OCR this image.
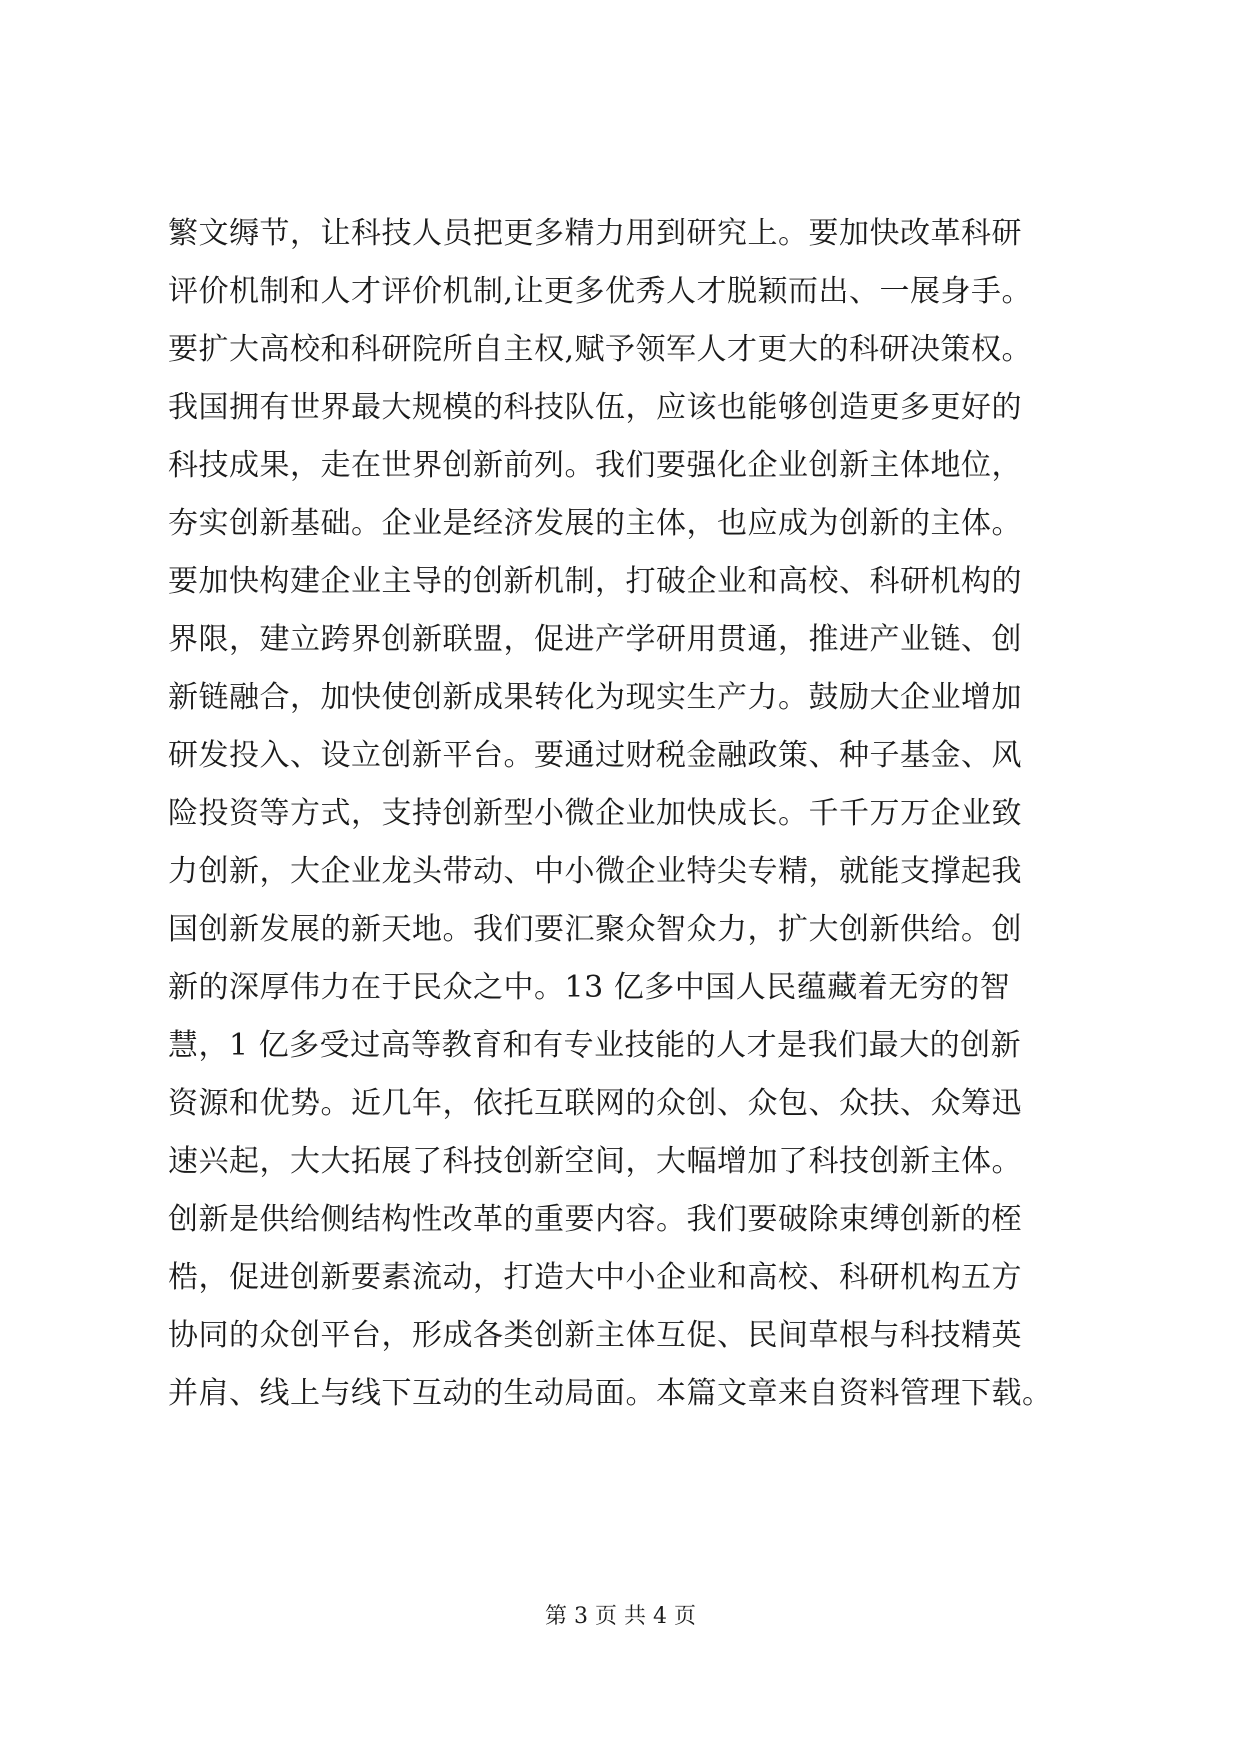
繁文缛节，让科技人员把更多精力用到研究上。要加快改革科研
评价机制和人才评价机制,让更多优秀人才脱颖而出、一展身手。
要扩大高校和科研院所自主权,赋予领军人才更大的科研决策权。
我国拥有世界最大规模的科技队伍，应该也能够创造更多更好的
科技成果，走在世界创新前列。我们要强化企业创新主体地位，
夯实创新基础。企业是经济发展的主体，也应成为创新的主体。
要加快构建企业主导的创新机制，打破企业和高校、科研机构的
界限，建立跨界创新联盟，促进产学研用贯通，推进产业链、创
新链融合，加快使创新成果转化为现实生产力。鼓励大企业增加
研发投入、设立创新平台。要通过财税金融政策、种子基金、风
险投资等方式，支持创新型小微企业加快成长。千千万万企业致
力创新，大企业龙头带动、中小微企业特尖专精，就能支撑起我
国创新发展的新天地。我们要汇聚众智众力，扩大创新供给。创
新的深厚伟力在于民众之中。13 亿多中国人民蕴藏着无穷的智
慧，1 亿多受过高等教育和有专业技能的人才是我们最大的创新
资源和优势。近几年，依托互联网的众创、众包、众扶、众筹迅
速兴起，大大拓展了科技创新空间，大幅增加了科技创新主体。
创新是供给侧结构性改革的重要内容。我们要破除束缚创新的桎
梏，促进创新要素流动，打造大中小企业和高校、科研机构五方
协同的众创平台，形成各类创新主体互促、民间草根与科技精英
并肩、线上与线下互动的生动局面。本篇文章来自资料管理下载。
第 3 页 共 4 页
